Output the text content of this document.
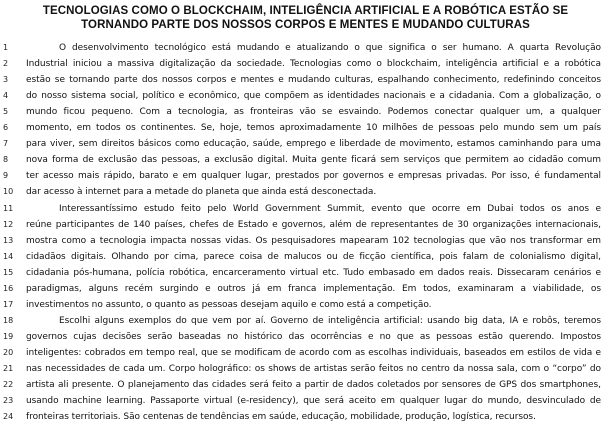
TECNOLOGIAS COMO O BLOCKCHAIM, INTELIGÊNCIA ARTIFICIAL E A ROBÓTICA ESTÃO SE
TORNANDO PARTE DOS NOSSOS CORPOS E MENTES E MUDANDO CULTURAS
1	O desenvolvimento tecnológico está mudando e atualizando o que significa o ser humano. A quarta Revolução
2	Industrial iniciou a massiva digitalização da sociedade. Tecnologias como o blockchaim, inteligência artificial e a robótica
3	estão se tornando parte dos nossos corpos e mentes e mudando culturas, espalhando conhecimento, redefinindo conceitos
4	do nosso sistema social, político e econômico, que compõem as identidades nacionais e a cidadania. Com a globalização, o
5	mundo ficou pequeno. Com a tecnologia, as fronteiras vão se esvaindo. Podemos conectar qualquer um, a qualquer
6	momento, em todos os continentes. Se, hoje, temos aproximadamente 10 milhões de pessoas pelo mundo sem um país
7	para viver, sem direitos básicos como educação, saúde, emprego e liberdade de movimento, estamos caminhando para uma
8	nova forma de exclusão das pessoas, a exclusão digital. Muita gente ficará sem serviços que permitem ao cidadão comum
9	ter acesso mais rápido, barato e em qualquer lugar, prestados por governos e empresas privadas. Por isso, é fundamental
10 dar acesso à internet para a metade do planeta que ainda está desconectada.
11	Interessantíssimo estudo feito pelo World Government Summit, evento que ocorre em Dubai todos os anos e
12 reúne participantes de 140 países, chefes de Estado e governos, além de representantes de 30 organizações internacionais,
13 mostra como a tecnologia impacta nossas vidas. Os pesquisadores mapearam 102 tecnologias que vão nos transformar em
14 cidadãos digitais. Olhando por cima, parece coisa de malucos ou de ficção científica, pois falam de colonialismo digital,
15 cidadania pós-humana, polícia robótica, encarceramento virtual etc. Tudo embasado em dados reais. Dissecaram cenários e
16 paradigmas, alguns recém surgindo e outros já em franca implementação. Em todos, examinaram a viabilidade, os
17 investimentos no assunto, o quanto as pessoas desejam aquilo e como está a competição.
18	Escolhi alguns exemplos do que vem por aí. Governo de inteligência artificial: usando big data, IA e robôs, teremos
19 governos cujas decisões serão baseadas no histórico das ocorrências e no que as pessoas estão querendo. Impostos
20 inteligentes: cobrados em tempo real, que se modificam de acordo com as escolhas individuais, baseados em estilos de vida e
21 nas necessidades de cada um. Corpo holográfico: os shows de artistas serão feitos no centro da nossa sala, com o “corpo” do
22 artista ali presente. O planejamento das cidades será feito a partir de dados coletados por sensores de GPS dos smartphones,
23 usando machine learning. Passaporte virtual (e-residency), que será aceito em qualquer lugar do mundo, desvinculado de
24 fronteiras territoriais. São centenas de tendências em saúde, educação, mobilidade, produção, logística, recursos.
